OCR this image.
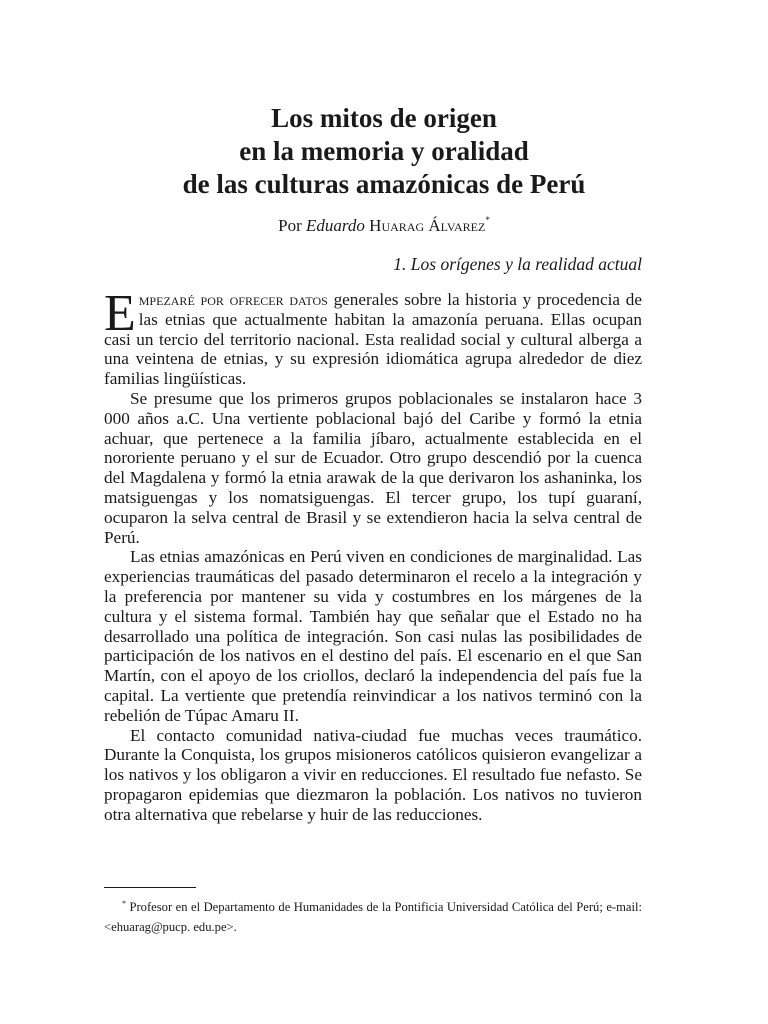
Los mitos de origen
en la memoria y oralidad
de las culturas amazónicas de Perú
Por Eduardo Huarag Álvarez*
1. Los orígenes y la realidad actual

Empezaré por ofrecer datos generales sobre la historia y procedencia de las etnias que actualmente habitan la amazonía peruana. Ellas ocupan casi un tercio del territorio nacional. Esta realidad social y cultural alberga a una veintena de etnias, y su expresión idiomática agrupa alrededor de diez familias lingüísticas.

Se presume que los primeros grupos poblacionales se instalaron hace 3 000 años a.C. Una vertiente poblacional bajó del Caribe y formó la etnia achuar, que pertenece a la familia jíbaro, actualmente establecida en el nororiente peruano y el sur de Ecuador. Otro grupo descendió por la cuenca del Magdalena y formó la etnia arawak de la que derivaron los ashaninka, los matsiguengas y los nomatsiguengas. El tercer grupo, los tupí guaraní, ocuparon la selva central de Brasil y se extendieron hacia la selva central de Perú.

Las etnias amazónicas en Perú viven en condiciones de marginalidad. Las experiencias traumáticas del pasado determinaron el recelo a la integración y la preferencia por mantener su vida y costumbres en los márgenes de la cultura y el sistema formal. También hay que señalar que el Estado no ha desarrollado una política de integración. Son casi nulas las posibilidades de participación de los nativos en el destino del país. El escenario en el que San Martín, con el apoyo de los criollos, declaró la independencia del país fue la capital. La vertiente que pretendía reinvindicar a los nativos terminó con la rebelión de Túpac Amaru II.

El contacto comunidad nativa-ciudad fue muchas veces traumático. Durante la Conquista, los grupos misioneros católicos quisieron evangelizar a los nativos y los obligaron a vivir en reducciones. El resultado fue nefasto. Se propagaron epidemias que diezmaron la población. Los nativos no tuvieron otra alternativa que rebelarse y huir de las reducciones.

* Profesor en el Departamento de Humanidades de la Pontificia Universidad Católica del Perú; e-mail: <ehuarag@pucp. edu.pe>.
